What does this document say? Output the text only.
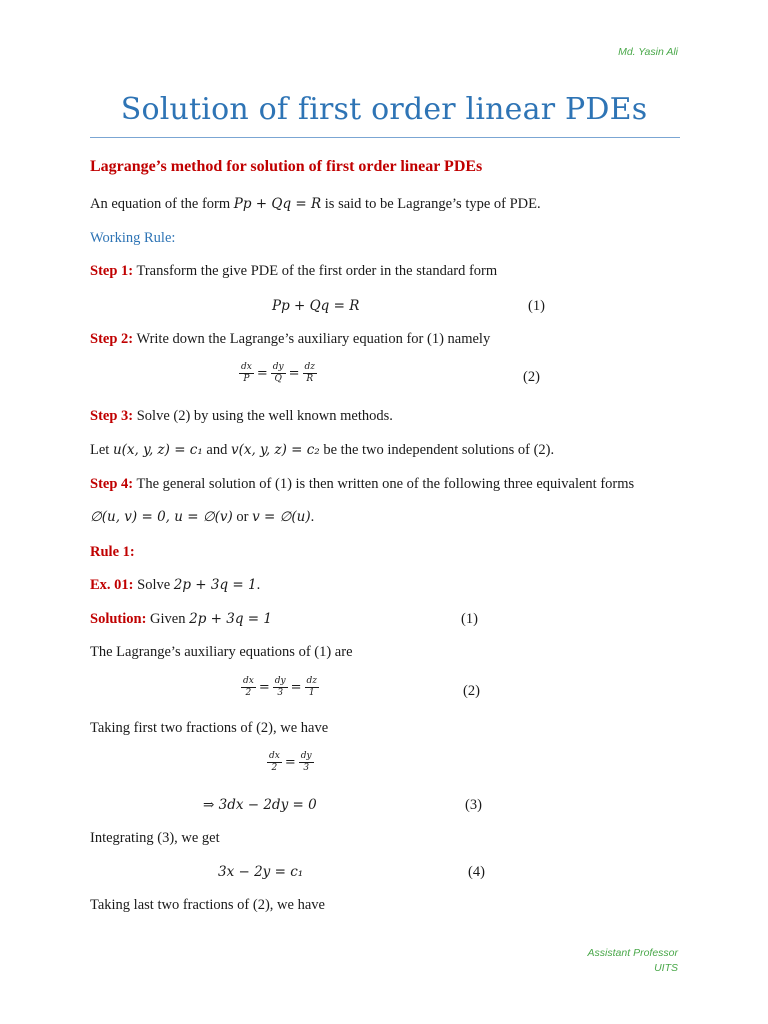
Md. Yasin Ali
Solution of first order linear PDEs
Lagrange’s method for solution of first order linear PDEs
An equation of the form Pp + Qq = R is said to be Lagrange’s type of PDE.
Working Rule:
Step 1: Transform the give PDE of the first order in the standard form
Pp + Qq = R	(1)
Step 2: Write down the Lagrange’s auxiliary equation for (1) namely
$\frac{dx}{P} = \frac{dy}{Q} = \frac{dz}{R}$	(2)
Step 3: Solve (2) by using the well known methods.
Let u(x, y, z) = c₁ and v(x, y, z) = c₂ be the two independent solutions of (2).
Step 4: The general solution of (1) is then written one of the following three equivalent forms
∅(u, v) = 0, u = ∅(v) or v = ∅(u).
Rule 1:
Ex. 01: Solve 2p + 3q = 1.
Solution: Given 2p + 3q = 1	(1)
The Lagrange’s auxiliary equations of (1) are
$\frac{dx}{2} = \frac{dy}{3} = \frac{dz}{1}$	(2)
Taking first two fractions of (2), we have
$\frac{dx}{2} = \frac{dy}{3}$
⇒ 3dx − 2dy = 0	(3)
Integrating (3), we get
3x − 2y = c₁	(4)
Taking last two fractions of (2), we have
Assistant Professor
UITS
